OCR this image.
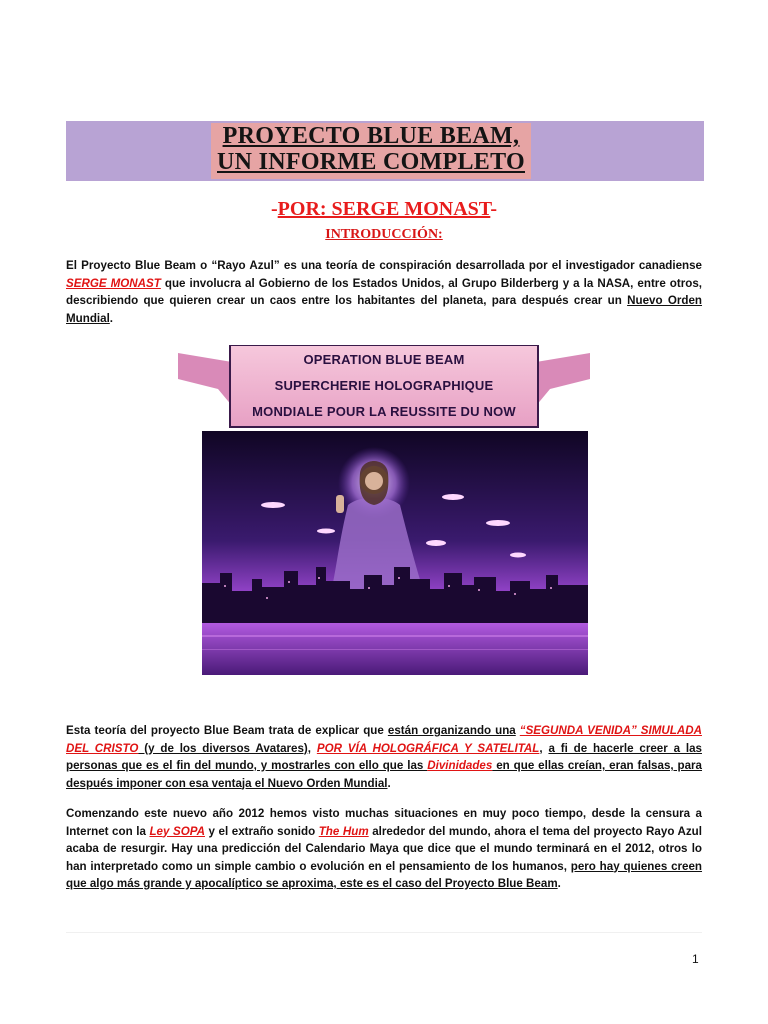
PROYECTO BLUE BEAM,
UN INFORME COMPLETO
-POR: SERGE MONAST-
INTRODUCCIÓN:
El Proyecto Blue Beam o “Rayo Azul” es una teoría de conspiración desarrollada por el investigador canadiense SERGE MONAST que involucra al Gobierno de los Estados Unidos, al Grupo Bilderberg y a la NASA, entre otros, describiendo que quieren crear un caos entre los habitantes del planeta, para después crear un Nuevo Orden Mundial.
OPERATION BLUE BEAM
SUPERCHERIE HOLOGRAPHIQUE
MONDIALE POUR LA REUSSITE DU NOW
Esta teoría del proyecto Blue Beam trata de explicar que están organizando una “SEGUNDA VENIDA” SIMULADA DEL CRISTO (y de los diversos Avatares), POR VÍA HOLOGRÁFICA Y SATELITAL, a fi de hacerle creer a las personas que es el fin del mundo, y mostrarles con ello que las Divinidades en que ellas creían, eran falsas, para después imponer con esa ventaja el Nuevo Orden Mundial.
Comenzando este nuevo año 2012 hemos visto muchas situaciones en muy poco tiempo, desde la censura a Internet con la Ley SOPA y el extraño sonido The Hum alrededor del mundo, ahora el tema del proyecto Rayo Azul acaba de resurgir. Hay una predicción del Calendario Maya que dice que el mundo terminará en el 2012, otros lo han interpretado como un simple cambio o evolución en el pensamiento de los humanos, pero hay quienes creen que algo más grande y apocalíptico se aproxima, este es el caso del Proyecto Blue Beam.
1
